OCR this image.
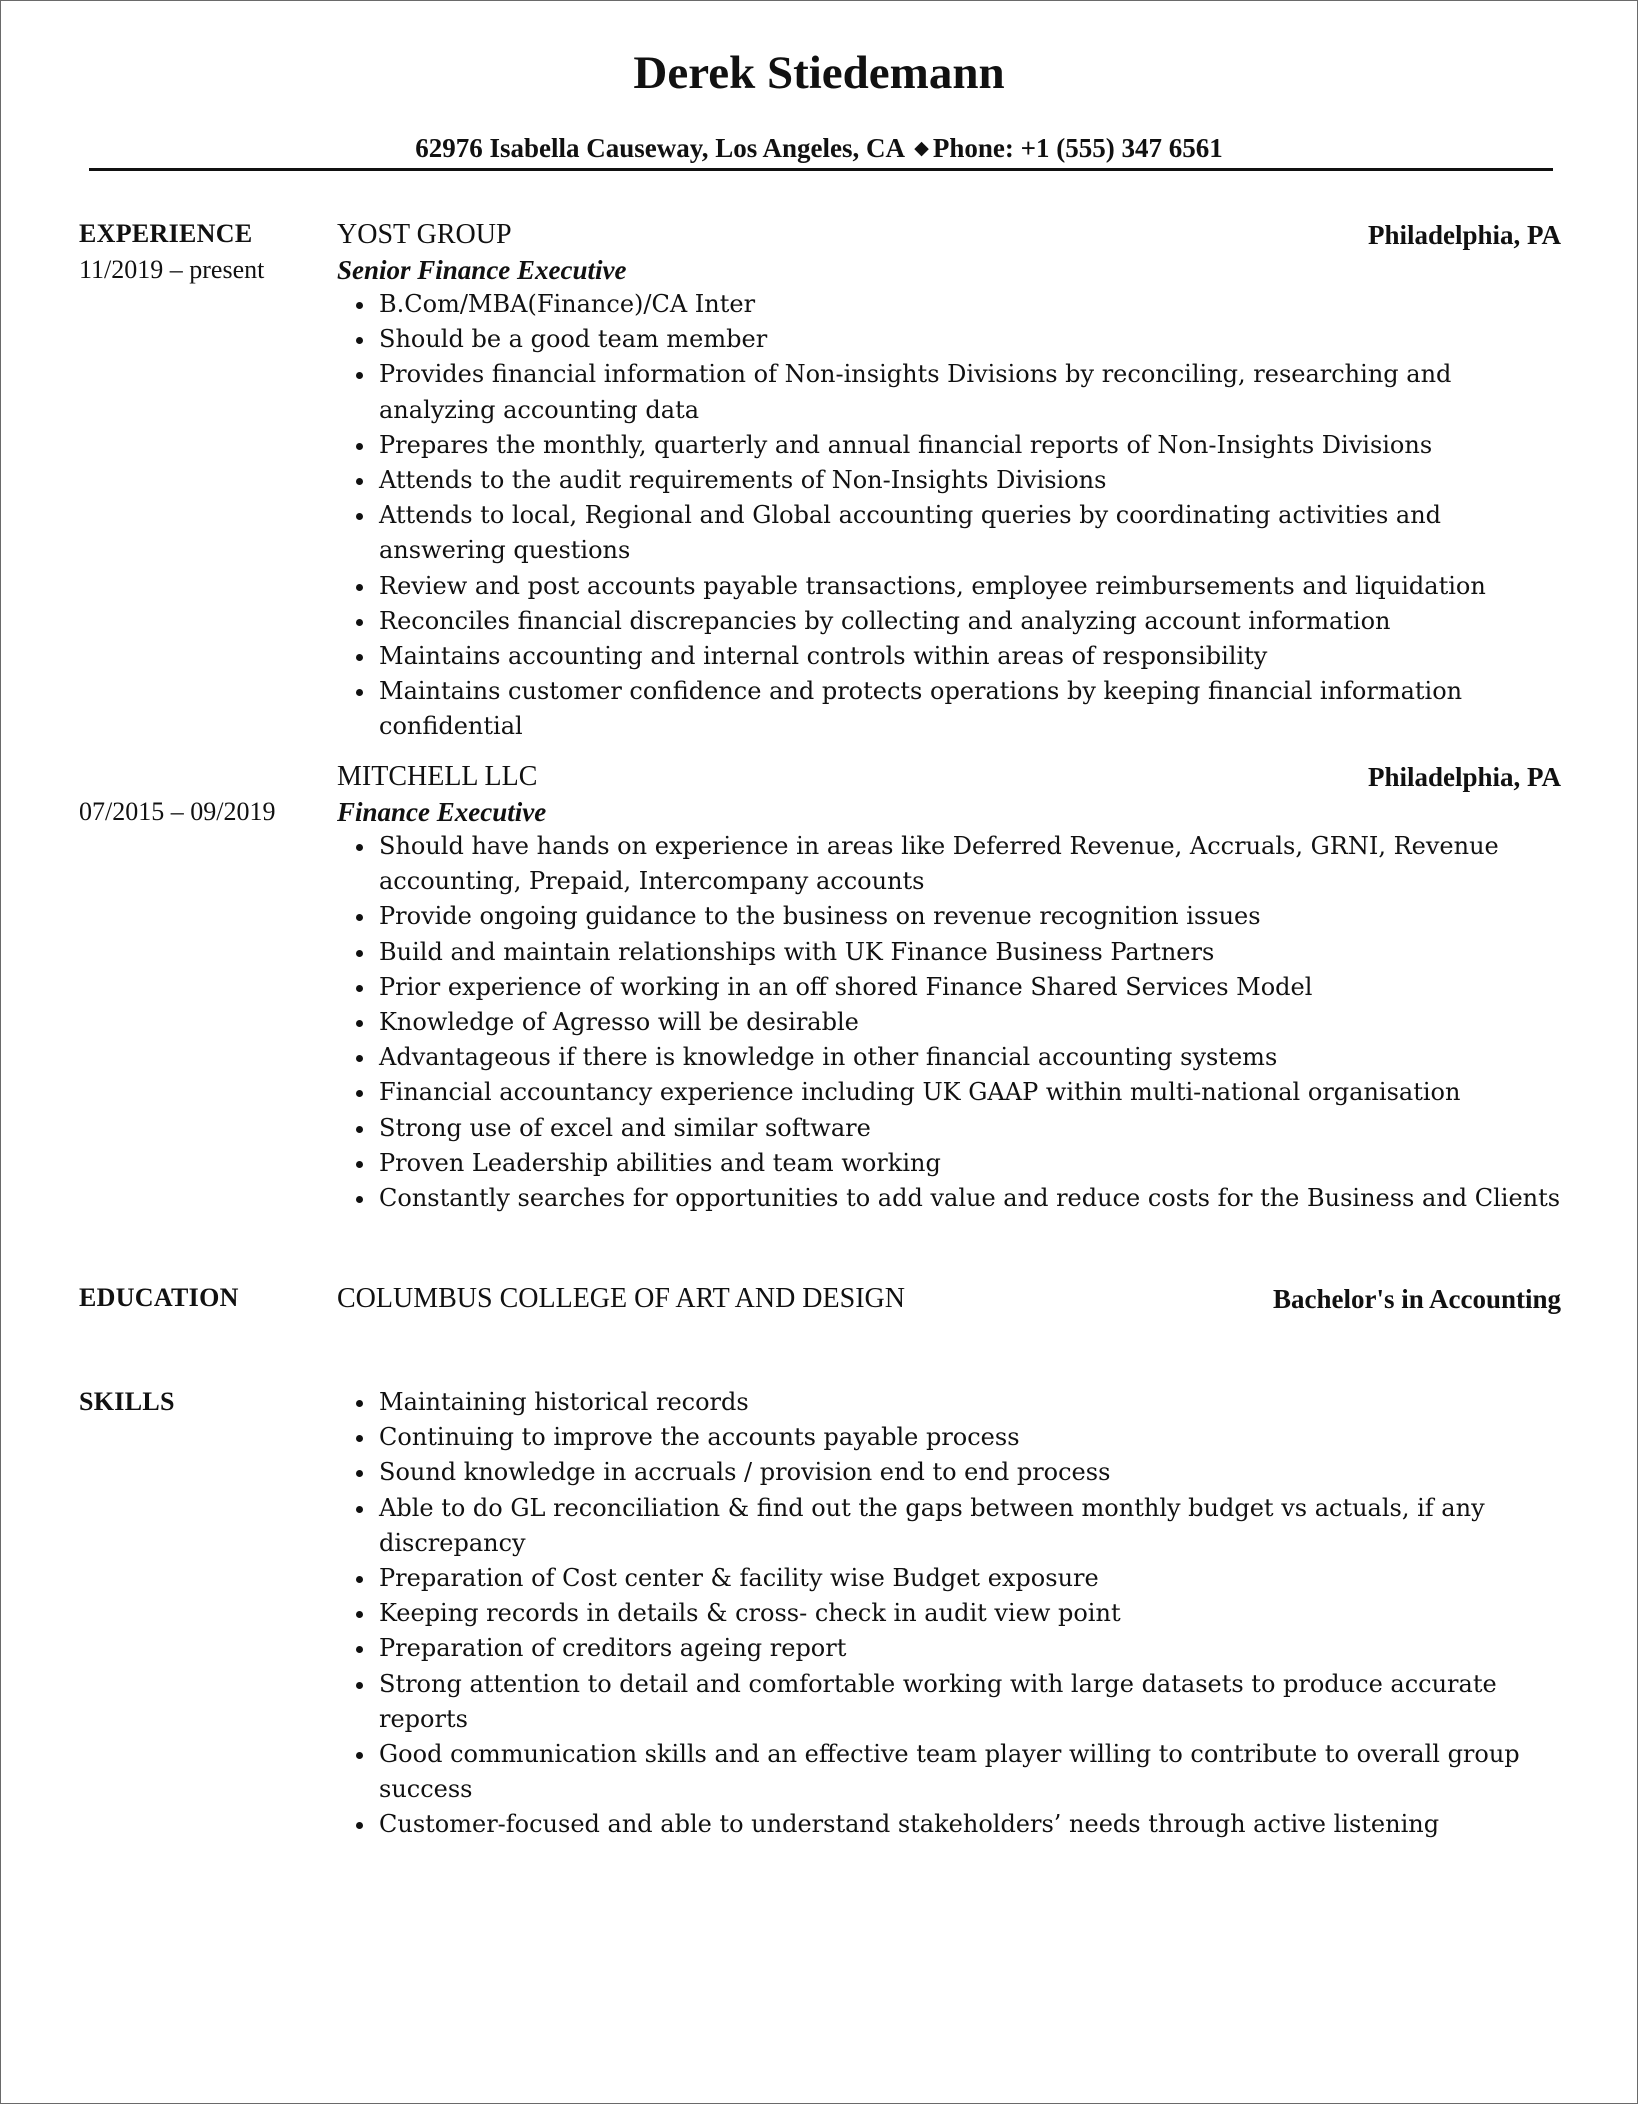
Derek Stiedemann
62976 Isabella Causeway, Los Angeles, CA ◆ Phone: +1 (555) 347 6561
EXPERIENCE
11/2019 – present
YOST GROUP	Philadelphia, PA
Senior Finance Executive
B.Com/MBA(Finance)/CA Inter
Should be a good team member
Provides financial information of Non-insights Divisions by reconciling, researching and analyzing accounting data
Prepares the monthly, quarterly and annual financial reports of Non-Insights Divisions
Attends to the audit requirements of Non-Insights Divisions
Attends to local, Regional and Global accounting queries by coordinating activities and answering questions
Review and post accounts payable transactions, employee reimbursements and liquidation
Reconciles financial discrepancies by collecting and analyzing account information
Maintains accounting and internal controls within areas of responsibility
Maintains customer confidence and protects operations by keeping financial information confidential
07/2015 – 09/2019
MITCHELL LLC	Philadelphia, PA
Finance Executive
Should have hands on experience in areas like Deferred Revenue, Accruals, GRNI, Revenue accounting, Prepaid, Intercompany accounts
Provide ongoing guidance to the business on revenue recognition issues
Build and maintain relationships with UK Finance Business Partners
Prior experience of working in an off shored Finance Shared Services Model
Knowledge of Agresso will be desirable
Advantageous if there is knowledge in other financial accounting systems
Financial accountancy experience including UK GAAP within multi-national organisation
Strong use of excel and similar software
Proven Leadership abilities and team working
Constantly searches for opportunities to add value and reduce costs for the Business and Clients
EDUCATION	COLUMBUS COLLEGE OF ART AND DESIGN	Bachelor's in Accounting
SKILLS	Maintaining historical records
Continuing to improve the accounts payable process
Sound knowledge in accruals / provision end to end process
Able to do GL reconciliation & find out the gaps between monthly budget vs actuals, if any discrepancy
Preparation of Cost center & facility wise Budget exposure
Keeping records in details & cross- check in audit view point
Preparation of creditors ageing report
Strong attention to detail and comfortable working with large datasets to produce accurate reports
Good communication skills and an effective team player willing to contribute to overall group success
Customer-focused and able to understand stakeholders’ needs through active listening
